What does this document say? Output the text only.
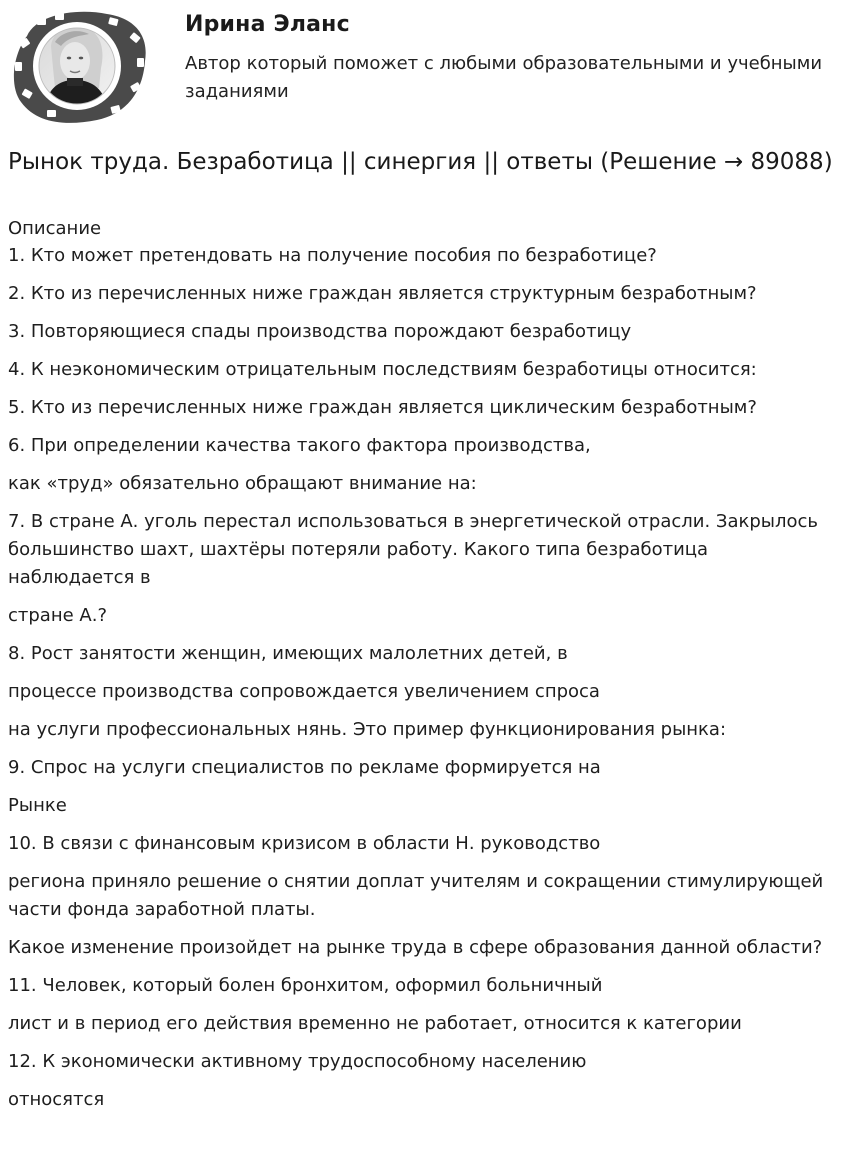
Ирина Эланс
Автор который поможет с любыми образовательными и учебными заданиями
Рынок труда. Безработица || синергия || ответы (Решение → 89088)
Описание

1. Кто может претендовать на получение пособия по безработице?

2. Кто из перечисленных ниже граждан является структурным безработным?

3. Повторяющиеся спады производства порождают безработицу

4. К неэкономическим отрицательным последствиям безработицы относится:

5. Кто из перечисленных ниже граждан является циклическим безработным?

6. При определении качества такого фактора производства,

как «труд» обязательно обращают внимание на:

7. В стране А. уголь перестал использоваться в энергетической отрасли. Закрылось большинство шахт, шахтёры потеряли работу. Какого типа безработица наблюдается в

стране А.?

8. Рост занятости женщин, имеющих малолетних детей, в

процессе производства сопровождается увеличением спроса

на услуги профессиональных нянь. Это пример функционирования рынка:

9. Спрос на услуги специалистов по рекламе формируется на

Рынке

10. В связи с финансовым кризисом в области Н. руководство

региона приняло решение о снятии доплат учителям и сокращении стимулирующей части фонда заработной платы.

Какое изменение произойдет на рынке труда в сфере образования данной области?

11. Человек, который болен бронхитом, оформил больничный

лист и в период его действия временно не работает, относится к категории

12. К экономически активному трудоспособному населению

относятся
